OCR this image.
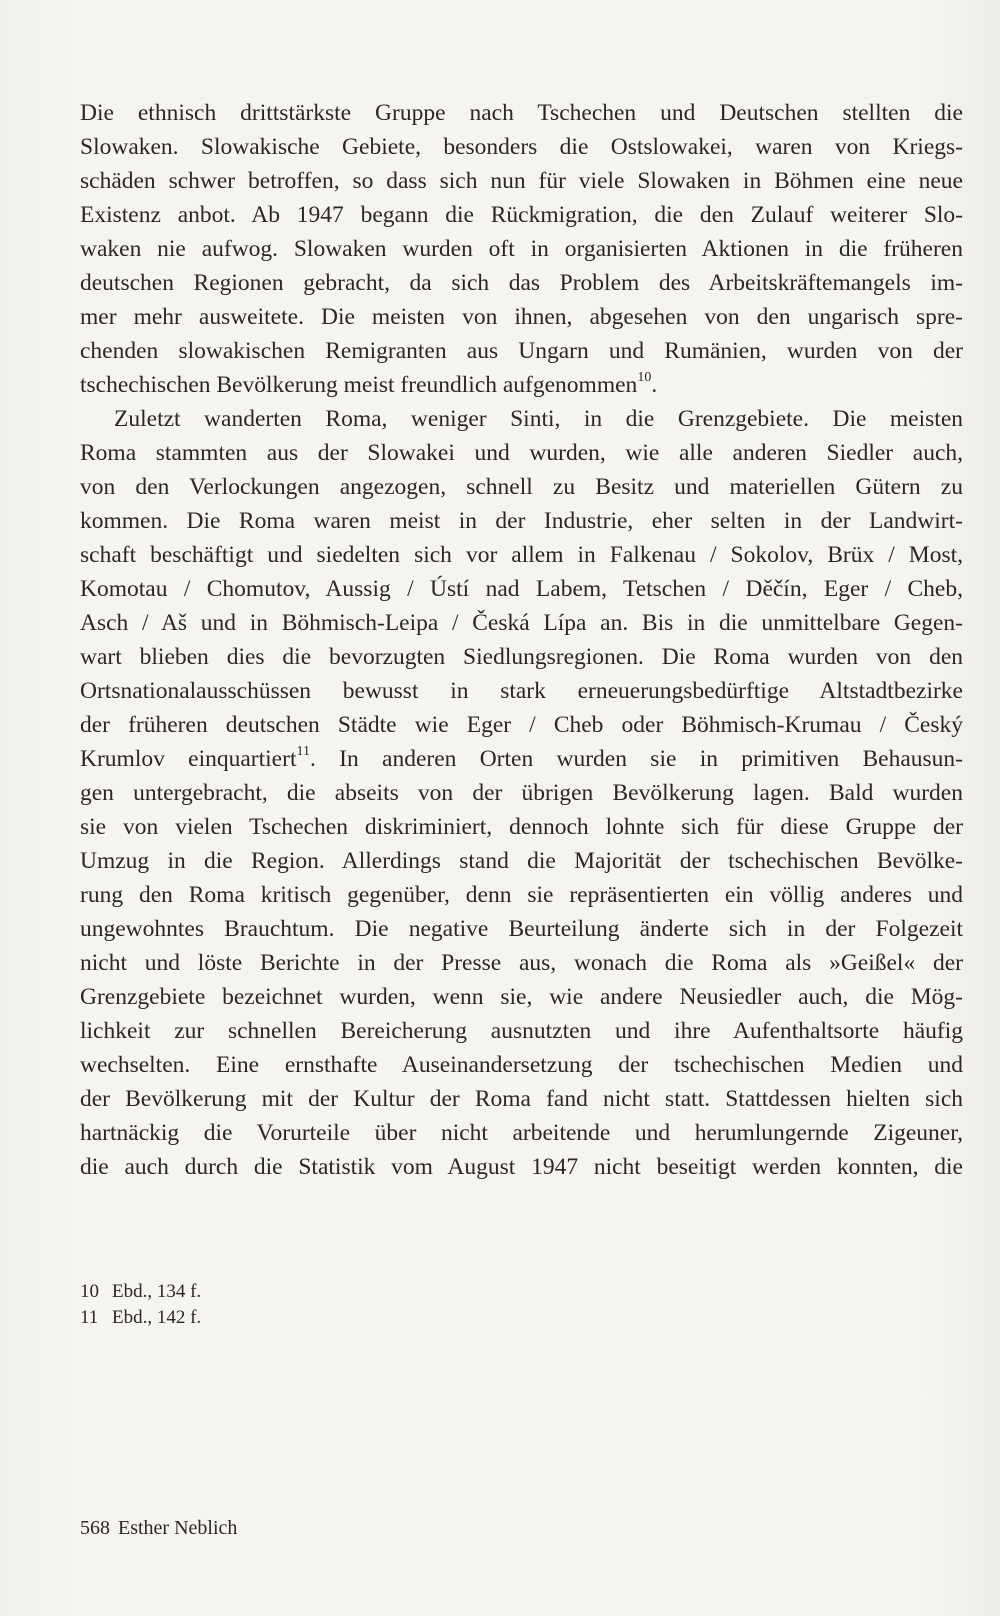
Die ethnisch drittstärkste Gruppe nach Tschechen und Deutschen stellten die
Slowaken. Slowakische Gebiete, besonders die Ostslowakei, waren von Kriegs-
schäden schwer betroffen, so dass sich nun für viele Slowaken in Böhmen eine neue
Existenz anbot. Ab 1947 begann die Rückmigration, die den Zulauf weiterer Slo-
waken nie aufwog. Slowaken wurden oft in organisierten Aktionen in die früheren
deutschen Regionen gebracht, da sich das Problem des Arbeitskräftemangels im-
mer mehr ausweitete. Die meisten von ihnen, abgesehen von den ungarisch spre-
chenden slowakischen Remigranten aus Ungarn und Rumänien, wurden von der
tschechischen Bevölkerung meist freundlich aufgenommen$^{10}$.
Zuletzt wanderten Roma, weniger Sinti, in die Grenzgebiete. Die meisten
Roma stammten aus der Slowakei und wurden, wie alle anderen Siedler auch,
von den Verlockungen angezogen, schnell zu Besitz und materiellen Gütern zu
kommen. Die Roma waren meist in der Industrie, eher selten in der Landwirt-
schaft beschäftigt und siedelten sich vor allem in Falkenau / Sokolov, Brüx / Most,
Komotau / Chomutov, Aussig / Ústí nad Labem, Tetschen / Děčín, Eger / Cheb,
Asch / Aš und in Böhmisch-Leipa / Česká Lípa an. Bis in die unmittelbare Gegen-
wart blieben dies die bevorzugten Siedlungsregionen. Die Roma wurden von den
Ortsnationalausschüssen bewusst in stark erneuerungsbedürftige Altstadtbezirke
der früheren deutschen Städte wie Eger / Cheb oder Böhmisch-Krumau / Český
Krumlov einquartiert$^{11}$. In anderen Orten wurden sie in primitiven Behausun-
gen untergebracht, die abseits von der übrigen Bevölkerung lagen. Bald wurden
sie von vielen Tschechen diskriminiert, dennoch lohnte sich für diese Gruppe der
Umzug in die Region. Allerdings stand die Majorität der tschechischen Bevölke-
rung den Roma kritisch gegenüber, denn sie repräsentierten ein völlig anderes und
ungewohntes Brauchtum. Die negative Beurteilung änderte sich in der Folgezeit
nicht und löste Berichte in der Presse aus, wonach die Roma als »Geißel« der
Grenzgebiete bezeichnet wurden, wenn sie, wie andere Neusiedler auch, die Mög-
lichkeit zur schnellen Bereicherung ausnutzten und ihre Aufenthaltsorte häufig
wechselten. Eine ernsthafte Auseinandersetzung der tschechischen Medien und
der Bevölkerung mit der Kultur der Roma fand nicht statt. Stattdessen hielten sich
hartnäckig die Vorurteile über nicht arbeitende und herumlungernde Zigeuner,
die auch durch die Statistik vom August 1947 nicht beseitigt werden konnten, die
10 Ebd., 134 f.
11 Ebd., 142 f.
568 Esther Neblich
